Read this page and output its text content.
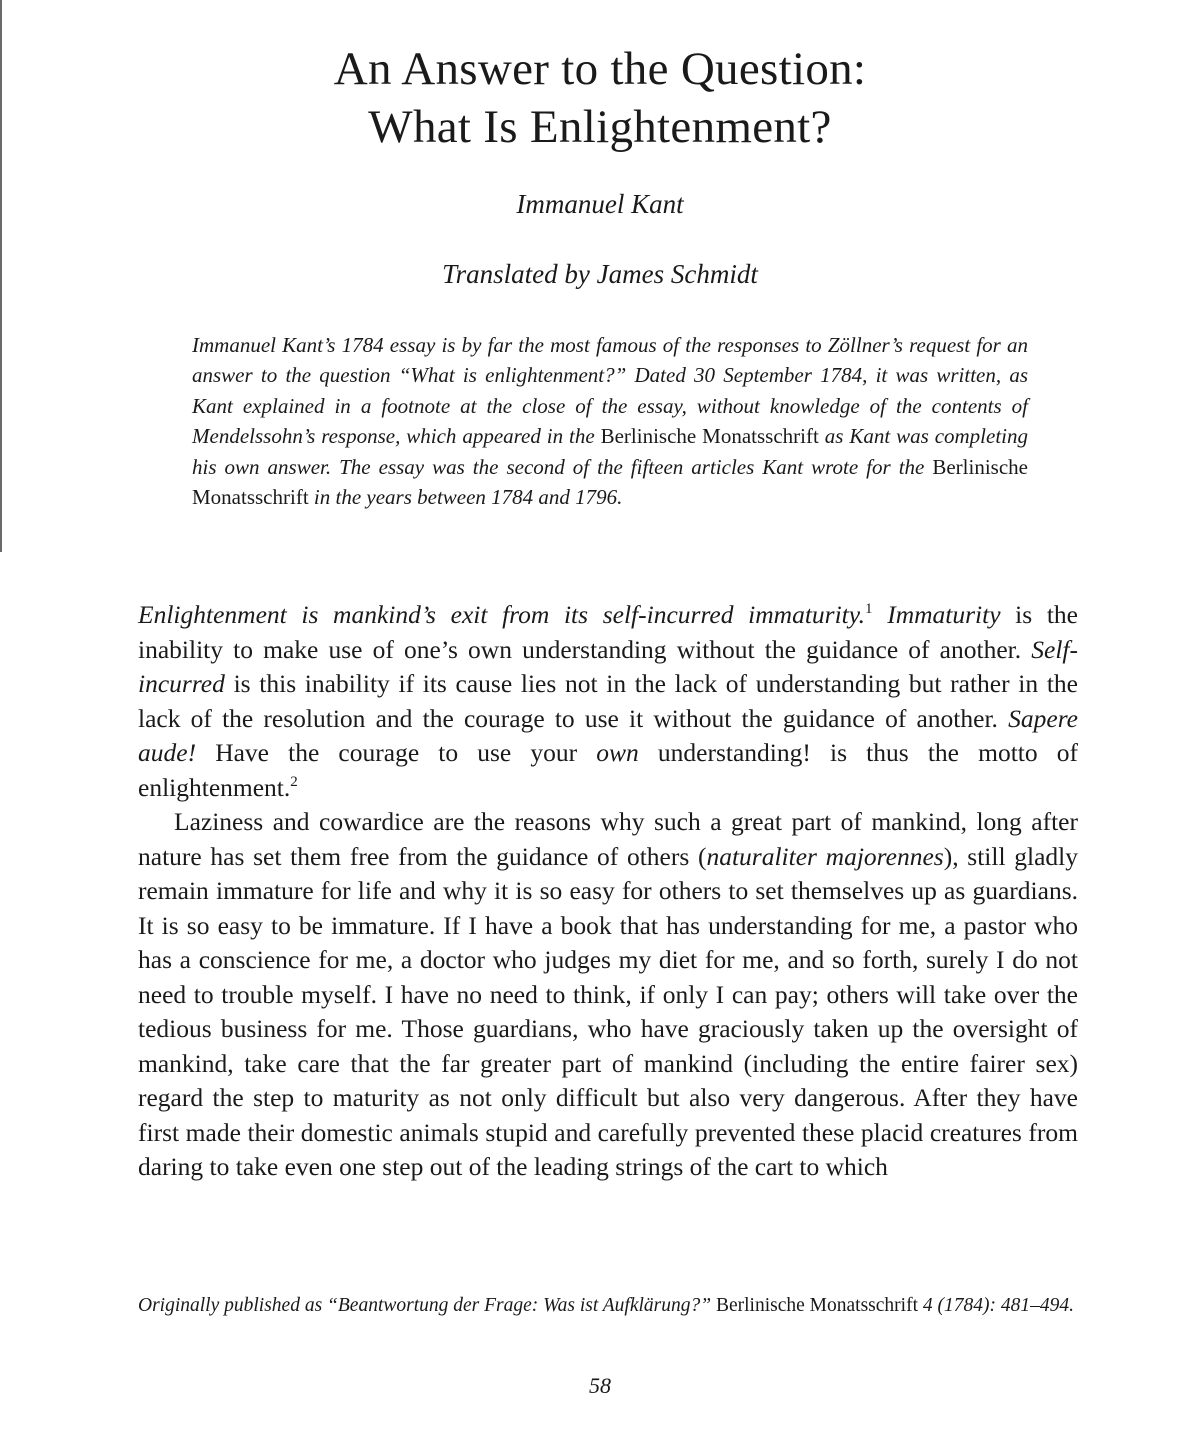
An Answer to the Question:
What Is Enlightenment?
Immanuel Kant
Translated by James Schmidt

Immanuel Kant’s 1784 essay is by far the most famous of the responses to Zöllner’s request for an answer to the question “What is enlightenment?” Dated 30 September 1784, it was written, as Kant explained in a footnote at the close of the essay, without knowledge of the contents of Mendelssohn’s response, which appeared in the Berlinische Monatsschrift as Kant was completing his own answer. The essay was the second of the fifteen articles Kant wrote for the Berlinische Monatsschrift in the years between 1784 and 1796.

Enlightenment is mankind’s exit from its self-incurred immaturity.$^1$ Immaturity is the inability to make use of one’s own understanding without the guidance of another. Self-incurred is this inability if its cause lies not in the lack of understanding but rather in the lack of the resolution and the courage to use it without the guidance of another. Sapere aude! Have the courage to use your own understanding! is thus the motto of enlightenment.$^2$

Laziness and cowardice are the reasons why such a great part of mankind, long after nature has set them free from the guidance of others (naturaliter majorennes), still gladly remain immature for life and why it is so easy for others to set themselves up as guardians. It is so easy to be immature. If I have a book that has understanding for me, a pastor who has a conscience for me, a doctor who judges my diet for me, and so forth, surely I do not need to trouble myself. I have no need to think, if only I can pay; others will take over the tedious business for me. Those guardians, who have graciously taken up the oversight of mankind, take care that the far greater part of mankind (including the entire fairer sex) regard the step to maturity as not only difficult but also very dangerous. After they have first made their domestic animals stupid and carefully prevented these placid creatures from daring to take even one step out of the leading strings of the cart to which

Originally published as “Beantwortung der Frage: Was ist Aufklärung?” Berlinische Monatsschrift 4 (1784): 481–494.

58
